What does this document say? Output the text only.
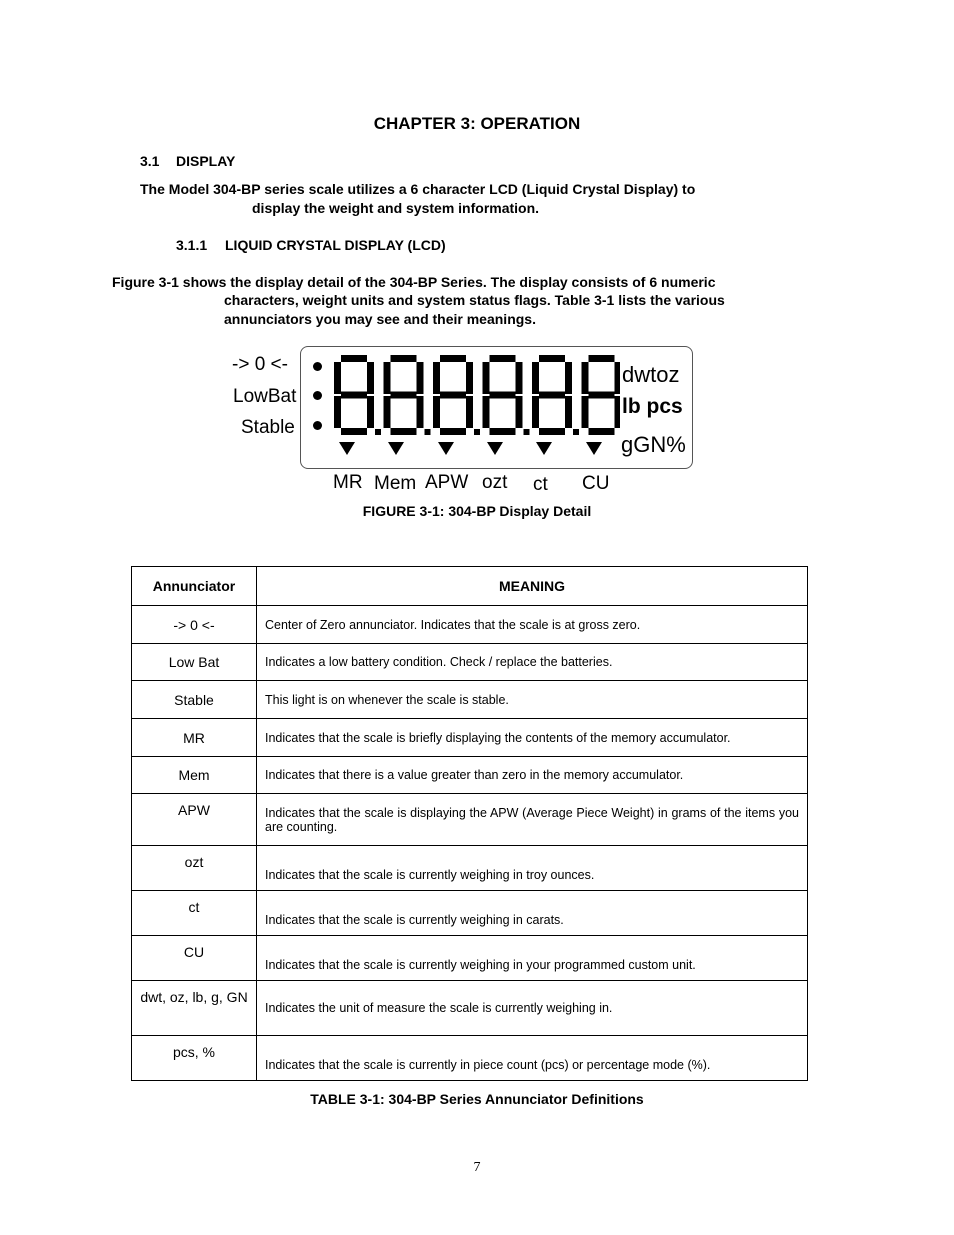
CHAPTER 3: OPERATION
3.1 DISPLAY
The Model 304-BP series scale utilizes a 6 character LCD (Liquid Crystal Display) to
display the weight and system information.
3.1.1 LIQUID CRYSTAL DISPLAY (LCD)
Figure 3-1 shows the display detail of the 304-BP Series. The display consists of 6 numeric
characters, weight units and system status flags. Table 3-1 lists the various
annunciators you may see and their meanings.
-> 0 <-
LowBat
Stable
dwtoz
lb pcs
gGN%
MR Mem APW ozt ct CU
FIGURE 3-1: 304-BP Display Detail
Annunciator	MEANING
-> 0 <-	Center of Zero annunciator. Indicates that the scale is at gross zero.
Low Bat	Indicates a low battery condition. Check / replace the batteries.
Stable	This light is on whenever the scale is stable.
MR	Indicates that the scale is briefly displaying the contents of the memory accumulator.
Mem	Indicates that there is a value greater than zero in the memory accumulator.
APW	Indicates that the scale is displaying the APW (Average Piece Weight) in grams of the items you are counting.
ozt	Indicates that the scale is currently weighing in troy ounces.
ct	Indicates that the scale is currently weighing in carats.
CU	Indicates that the scale is currently weighing in your programmed custom unit.
dwt, oz, lb, g, GN	Indicates the unit of measure the scale is currently weighing in.
pcs, %	Indicates that the scale is currently in piece count (pcs) or percentage mode (%).
TABLE 3-1: 304-BP Series Annunciator Definitions
7
